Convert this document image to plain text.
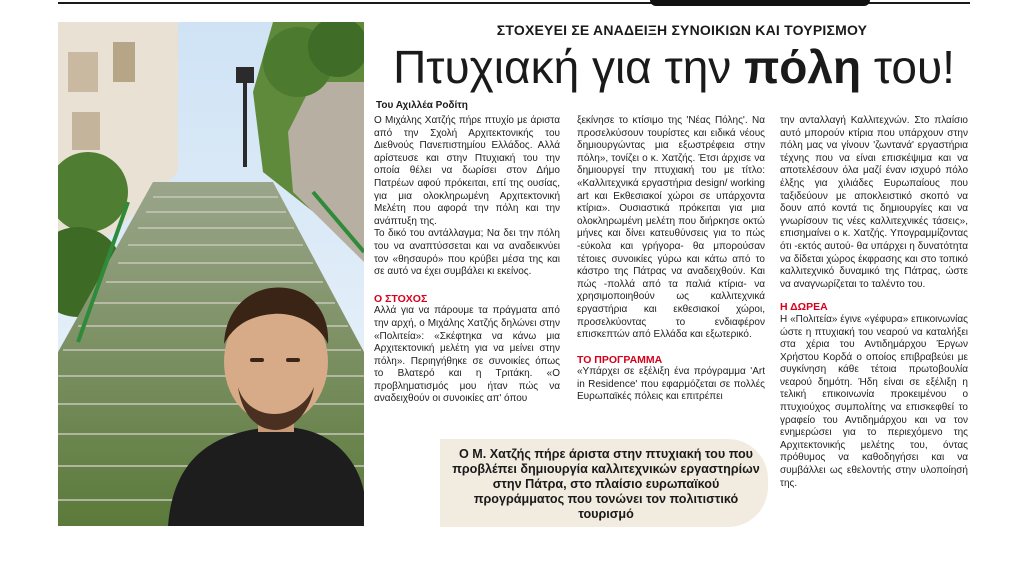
ΣΤΟΧΕΥΕΙ ΣΕ ΑΝΑΔΕΙΞΗ ΣΥΝΟΙΚΙΩΝ ΚΑΙ ΤΟΥΡΙΣΜΟΥ
Πτυχιακή για την πόλη του!
Του Αχιλλέα Ροδίτη

Ο Μιχάλης Χατζής πήρε πτυχίο με άριστα από την Σχολή Αρχιτεκτονικής του Διεθνούς Πανεπιστημίου Ελλάδος. Αλλά αρίστευσε και στην Πτυχιακή του την οποία θέλει να δωρίσει στον Δήμο Πατρέων αφού πρόκειται, επί της ουσίας, για μια ολοκληρωμένη Αρχιτεκτονική Μελέτη που αφορά την πόλη και την ανάπτυξη της.

Το δικό του αντάλλαγμα; Να δει την πόλη του να αναπτύσσεται και να αναδεικνύει τον «θησαυρό» που κρύβει μέσα της και σε αυτό να έχει συμβάλει κι εκείνος.

Ο ΣΤΟΧΟΣ

Αλλά για να πάρουμε τα πράγματα από την αρχή, ο Μιχάλης Χατζής δηλώνει στην «Πολιτεία»: «Σκέφτηκα να κάνω μια Αρχιτεκτονική μελέτη για να μείνει στην πόλη». Περιηγήθηκε σε συνοικίες όπως το Βλατερό και η Τριτάκη. «Ο προβληματισμός μου ήταν πώς να αναδειχθούν οι συνοικίες απ' όπου

ξεκίνησε το κτίσιμο της 'Νέας Πόλης'. Να προσελκύσουν τουρίστες και ειδικά νέους δημιουργώντας μια εξωστρέφεια στην πόλη», τονίζει ο κ. Χατζής. Έτσι άρχισε να δημιουργεί την πτυχιακή του με τίτλο: «Καλλιτεχνικά εργαστήρια design/ working art και Εκθεσιακοί χώροι σε υπάρχοντα κτίρια». Ουσιαστικά πρόκειται για μια ολοκληρωμένη μελέτη που διήρκησε οκτώ μήνες και δίνει κατευθύνσεις για το πώς -εύκολα και γρήγορα- θα μπορούσαν τέτοιες συνοικίες γύρω και κάτω από το κάστρο της Πάτρας να αναδειχθούν. Και πώς -πολλά από τα παλιά κτίρια- να χρησιμοποιηθούν ως καλλιτεχνικά εργαστήρια και εκθεσιακοί χώροι, προσελκύοντας το ενδιαφέρον επισκεπτών από Ελλάδα και εξωτερικό.

ΤΟ ΠΡΟΓΡΑΜΜΑ

«Υπάρχει σε εξέλιξη ένα πρόγραμμα 'Art in Residence' που εφαρμόζεται σε πολλές Ευρωπαϊκές πόλεις και επιτρέπει

την ανταλλαγή Καλλιτεχνών. Στο πλαίσιο αυτό μπορούν κτίρια που υπάρχουν στην πόλη μας να γίνουν 'ζωντανά' εργαστήρια τέχνης που να είναι επισκέψιμα και να αποτελέσουν όλα μαζί έναν ισχυρό πόλο έλξης για χιλιάδες Ευρωπαίους που ταξιδεύουν με αποκλειστικό σκοπό να δουν από κοντά τις δημιουργίες και να γνωρίσουν τις νέες καλλιτεχνικές τάσεις», επισημαίνει ο κ. Χατζής. Υπογραμμίζοντας ότι -εκτός αυτού- θα υπάρχει η δυνατότητα να δίδεται χώρος έκφρασης και στο τοπικό καλλιτεχνικό δυναμικό της Πάτρας, ώστε να αναγνωρίζεται το ταλέντο του.

Η ΔΩΡΕΑ

Η «Πολιτεία» έγινε «γέφυρα» επικοινωνίας ώστε η πτυχιακή του νεαρού να καταλήξει στα χέρια του Αντιδημάρχου Έργων Χρήστου Κορδά ο οποίος επιβραβεύει με συγκίνηση κάθε τέτοια πρωτοβουλία νεαρού δημότη. Ήδη είναι σε εξέλιξη η τελική επικοινωνία προκειμένου ο πτυχιούχος συμπολίτης να επισκεφθεί το γραφείο του Αντιδημάρχου και να τον ενημερώσει για το περιεχόμενο της Αρχιτεκτονικής μελέτης του, όντας πρόθυμος να καθοδηγήσει και να συμβάλλει ως εθελοντής στην υλοποίησή της.

Ο Μ. Χατζής πήρε άριστα στην πτυχιακή του που προβλέπει δημιουργία καλλιτεχνικών εργαστηρίων στην Πάτρα, στο πλαίσιο ευρωπαϊκού προγράμματος που τονώνει τον πολιτιστικό τουρισμό
